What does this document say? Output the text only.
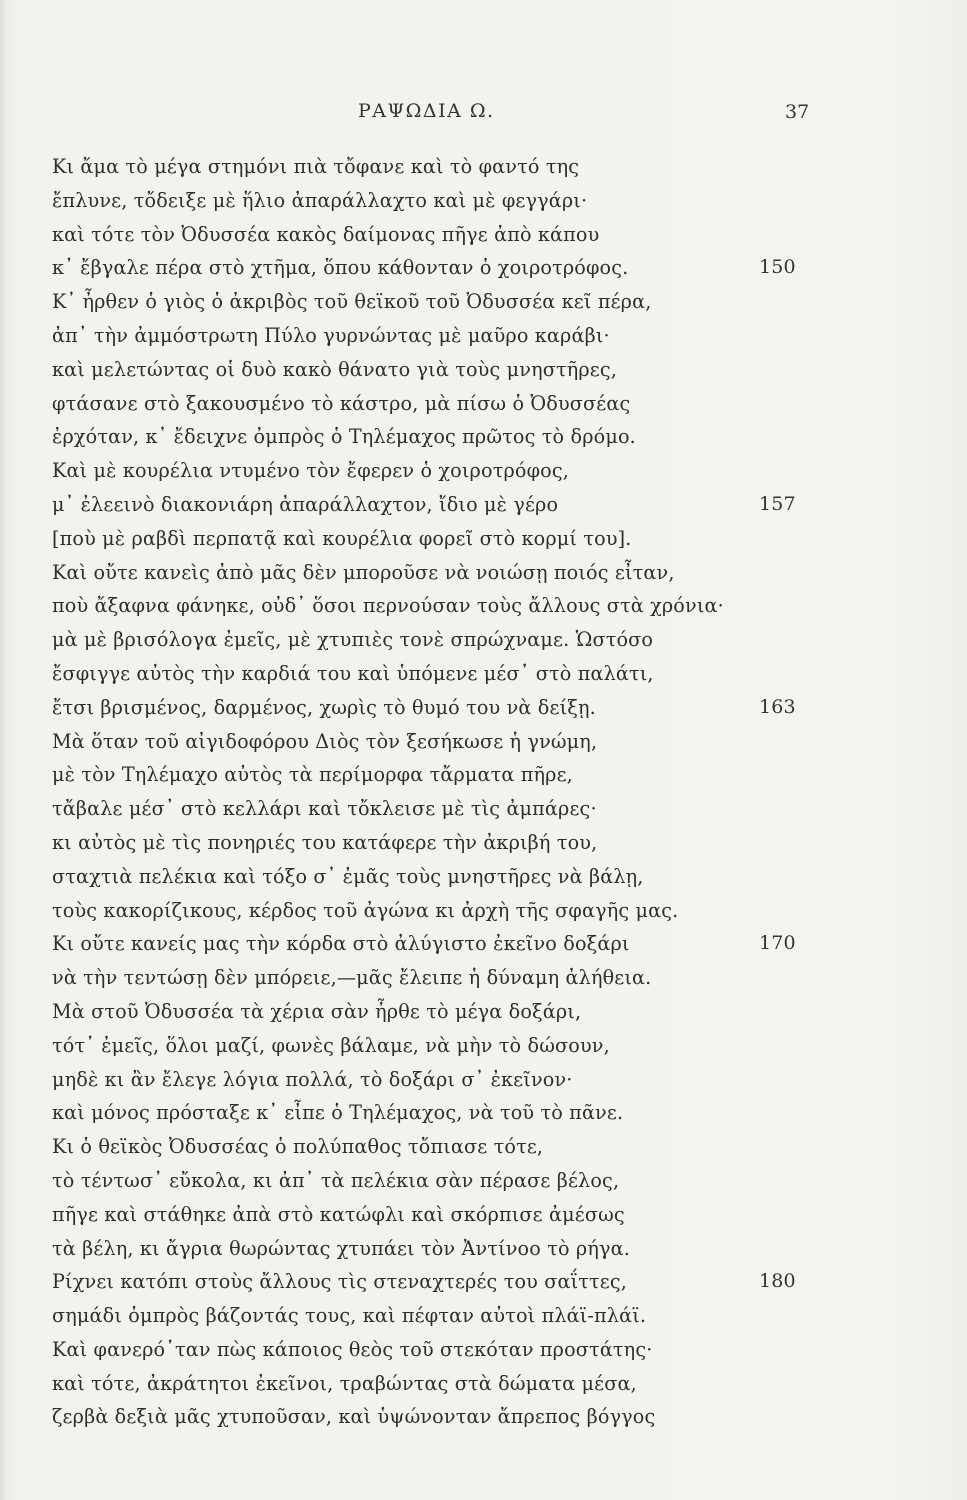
ΡΑΨΩΔΙΑ Ω.	37
Κι ἄμα τὸ μέγα στημόνι πιὰ τὄφανε καὶ τὸ φαντό της
ἔπλυνε, τὄδειξε μὲ ἥλιο ἀπαράλλαχτο καὶ μὲ φεγγάρι·
καὶ τότε τὸν Ὀδυσσέα κακὸς δαίμονας πῆγε ἀπὸ κάπου
κ᾿ ἔβγαλε πέρα στὸ χτῆμα, ὅπου κάθονταν ὁ χοιροτρόφος.	150
Κ᾿ ἦρθεν ὁ γιὸς ὁ ἀκριβὸς τοῦ θεϊκοῦ τοῦ Ὀδυσσέα κεῖ πέρα,
ἀπ᾿ τὴν ἀμμόστρωτη Πύλο γυρνώντας μὲ μαῦρο καράβι·
καὶ μελετώντας οἱ δυὸ κακὸ θάνατο γιὰ τοὺς μνηστῆρες,
φτάσανε στὸ ξακουσμένο τὸ κάστρο, μὰ πίσω ὁ Ὀδυσσέας
ἐρχόταν, κ᾿ ἔδειχνε ὀμπρὸς ὁ Τηλέμαχος πρῶτος τὸ δρόμο.
Καὶ μὲ κουρέλια ντυμένο τὸν ἔφερεν ὁ χοιροτρόφος,
μ᾿ ἐλεεινὸ διακονιάρη ἀπαράλλαχτον, ἴδιο μὲ γέρο	157
[ποὺ μὲ ραβδὶ περπατᾷ καὶ κουρέλια φορεῖ στὸ κορμί του].
Καὶ οὔτε κανεὶς ἀπὸ μᾶς δὲν μποροῦσε νὰ νοιώσῃ ποιός εἶταν,
ποὺ ἄξαφνα φάνηκε, οὐδ᾿ ὅσοι περνούσαν τοὺς ἄλλους στὰ χρόνια·
μὰ μὲ βρισόλογα ἐμεῖς, μὲ χτυπιὲς τονὲ σπρώχναμε. Ὡστόσο
ἔσφιγγε αὐτὸς τὴν καρδιά του καὶ ὑπόμενε μέσ᾿ στὸ παλάτι,
ἔτσι βρισμένος, δαρμένος, χωρὶς τὸ θυμό του νὰ δείξῃ.	163
Μὰ ὅταν τοῦ αἰγιδοφόρου Διὸς τὸν ξεσήκωσε ἡ γνώμη,
μὲ τὸν Τηλέμαχο αὐτὸς τὰ περίμορφα τἄρματα πῆρε,
τἄβαλε μέσ᾿ στὸ κελλάρι καὶ τὄκλεισε μὲ τὶς ἀμπάρες·
κι αὐτὸς μὲ τὶς πονηριές του κατάφερε τὴν ἀκριβή του,
σταχτιὰ πελέκια καὶ τόξο σ᾿ ἐμᾶς τοὺς μνηστῆρες νὰ βάλῃ,
τοὺς κακορίζικους, κέρδος τοῦ ἀγώνα κι ἀρχὴ τῆς σφαγῆς μας.
Κι οὔτε κανείς μας τὴν κόρδα στὸ ἀλύγιστο ἐκεῖνο δοξάρι	170
νὰ τὴν τεντώσῃ δὲν μπόρειε,—μᾶς ἔλειπε ἡ δύναμη ἀλήθεια.
Μὰ στοῦ Ὀδυσσέα τὰ χέρια σὰν ἦρθε τὸ μέγα δοξάρι,
τότ᾿ ἐμεῖς, ὅλοι μαζί, φωνὲς βάλαμε, νὰ μὴν τὸ δώσουν,
μηδὲ κι ἂν ἔλεγε λόγια πολλά, τὸ δοξάρι σ᾿ ἐκεῖνον·
καὶ μόνος πρόσταξε κ᾿ εἶπε ὁ Τηλέμαχος, νὰ τοῦ τὸ πᾶνε.
Κι ὁ θεϊκὸς Ὀδυσσέας ὁ πολύπαθος τὄπιασε τότε,
τὸ τέντωσ᾿ εὔκολα, κι ἀπ᾿ τὰ πελέκια σὰν πέρασε βέλος,
πῆγε καὶ στάθηκε ἀπὰ στὸ κατώφλι καὶ σκόρπισε ἀμέσως
τὰ βέλη, κι ἄγρια θωρώντας χτυπάει τὸν Ἀντίνοο τὸ ρήγα.
Ρίχνει κατόπι στοὺς ἄλλους τὶς στεναχτερές του σαΐττες,	180
σημάδι ὀμπρὸς βάζοντάς τους, καὶ πέφταν αὐτοὶ πλάϊ-πλάϊ.
Καὶ φανερό᾿ταν πὼς κάποιος θεὸς τοῦ στεκόταν προστάτης·
καὶ τότε, ἀκράτητοι ἐκεῖνοι, τραβώντας στὰ δώματα μέσα,
ζερβὰ δεξιὰ μᾶς χτυποῦσαν, καὶ ὑψώνονταν ἄπρεπος βόγγος
